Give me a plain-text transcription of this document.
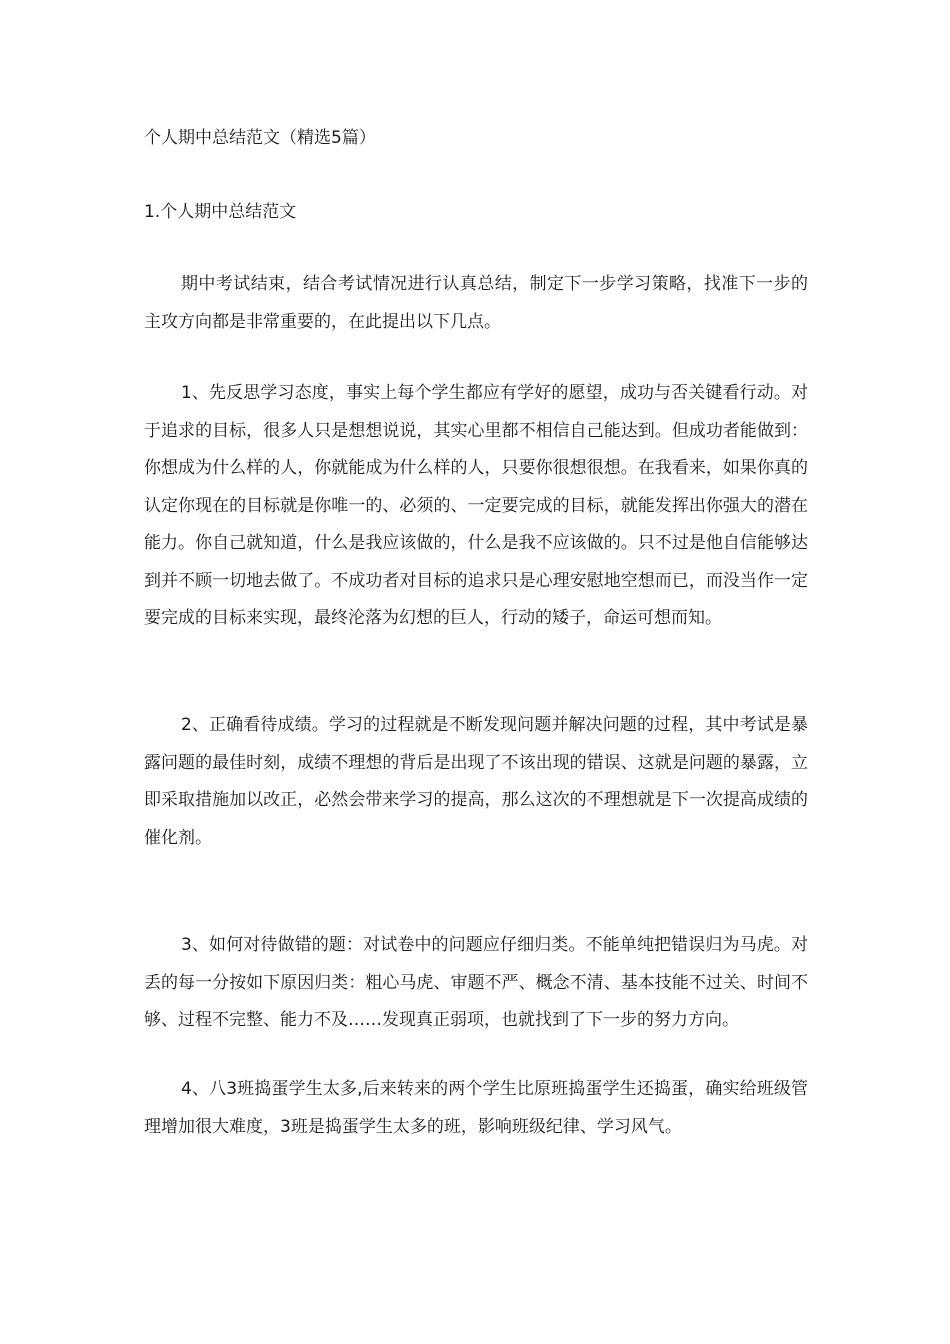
个人期中总结范文（精选5篇）
1.个人期中总结范文

期中考试结束，结合考试情况进行认真总结，制定下一步学习策略，找准下一步的主攻方向都是非常重要的，在此提出以下几点。

1、先反思学习态度，事实上每个学生都应有学好的愿望，成功与否关键看行动。对于追求的目标，很多人只是想想说说，其实心里都不相信自己能达到。但成功者能做到：你想成为什么样的人，你就能成为什么样的人，只要你很想很想。在我看来，如果你真的认定你现在的目标就是你唯一的、必须的、一定要完成的目标，就能发挥出你强大的潜在能力。你自己就知道，什么是我应该做的，什么是我不应该做的。只不过是他自信能够达到并不顾一切地去做了。不成功者对目标的追求只是心理安慰地空想而已，而没当作一定要完成的目标来实现，最终沦落为幻想的巨人，行动的矮子，命运可想而知。

2、正确看待成绩。学习的过程就是不断发现问题并解决问题的过程，其中考试是暴露问题的最佳时刻，成绩不理想的背后是出现了不该出现的错误、这就是问题的暴露，立即采取措施加以改正，必然会带来学习的提高，那么这次的不理想就是下一次提高成绩的催化剂。

3、如何对待做错的题：对试卷中的问题应仔细归类。不能单纯把错误归为马虎。对丢的每一分按如下原因归类：粗心马虎、审题不严、概念不清、基本技能不过关、时间不够、过程不完整、能力不及……发现真正弱项，也就找到了下一步的努力方向。

4、八3班捣蛋学生太多,后来转来的两个学生比原班捣蛋学生还捣蛋，确实给班级管理增加很大难度，3班是捣蛋学生太多的班，影响班级纪律、学习风气。
